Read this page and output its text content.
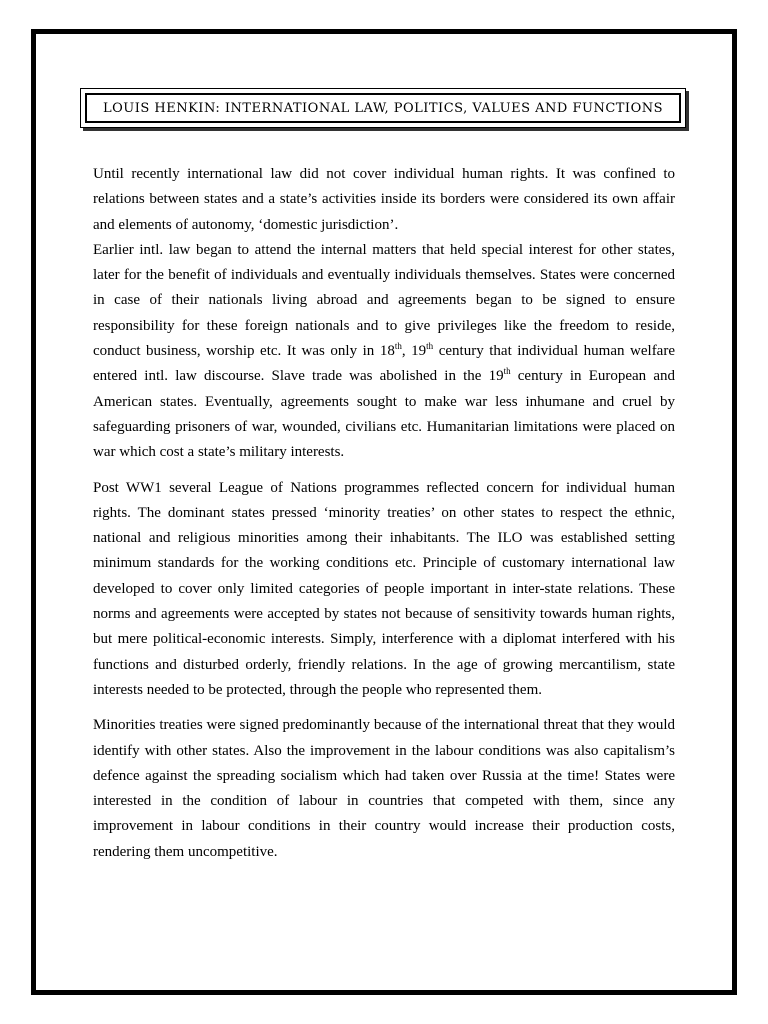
LOUIS HENKIN: INTERNATIONAL LAW, POLITICS, VALUES AND FUNCTIONS

Until recently international law did not cover individual human rights. It was confined to relations between states and a state’s activities inside its borders were considered its own affair and elements of autonomy, ‘domestic jurisdiction’.

Earlier intl. law began to attend the internal matters that held special interest for other states, later for the benefit of individuals and eventually individuals themselves. States were concerned in case of their nationals living abroad and agreements began to be signed to ensure responsibility for these foreign nationals and to give privileges like the freedom to reside, conduct business, worship etc. It was only in 18th, 19th century that individual human welfare entered intl. law discourse. Slave trade was abolished in the 19th century in European and American states. Eventually, agreements sought to make war less inhumane and cruel by safeguarding prisoners of war, wounded, civilians etc. Humanitarian limitations were placed on war which cost a state’s military interests.

Post WW1 several League of Nations programmes reflected concern for individual human rights. The dominant states pressed ‘minority treaties’ on other states to respect the ethnic, national and religious minorities among their inhabitants. The ILO was established setting minimum standards for the working conditions etc. Principle of customary international law developed to cover only limited categories of people important in inter-state relations. These norms and agreements were accepted by states not because of sensitivity towards human rights, but mere political-economic interests. Simply, interference with a diplomat interfered with his functions and disturbed orderly, friendly relations. In the age of growing mercantilism, state interests needed to be protected, through the people who represented them.

Minorities treaties were signed predominantly because of the international threat that they would identify with other states. Also the improvement in the labour conditions was also capitalism’s defence against the spreading socialism which had taken over Russia at the time! States were interested in the condition of labour in countries that competed with them, since any improvement in labour conditions in their country would increase their production costs, rendering them uncompetitive.
